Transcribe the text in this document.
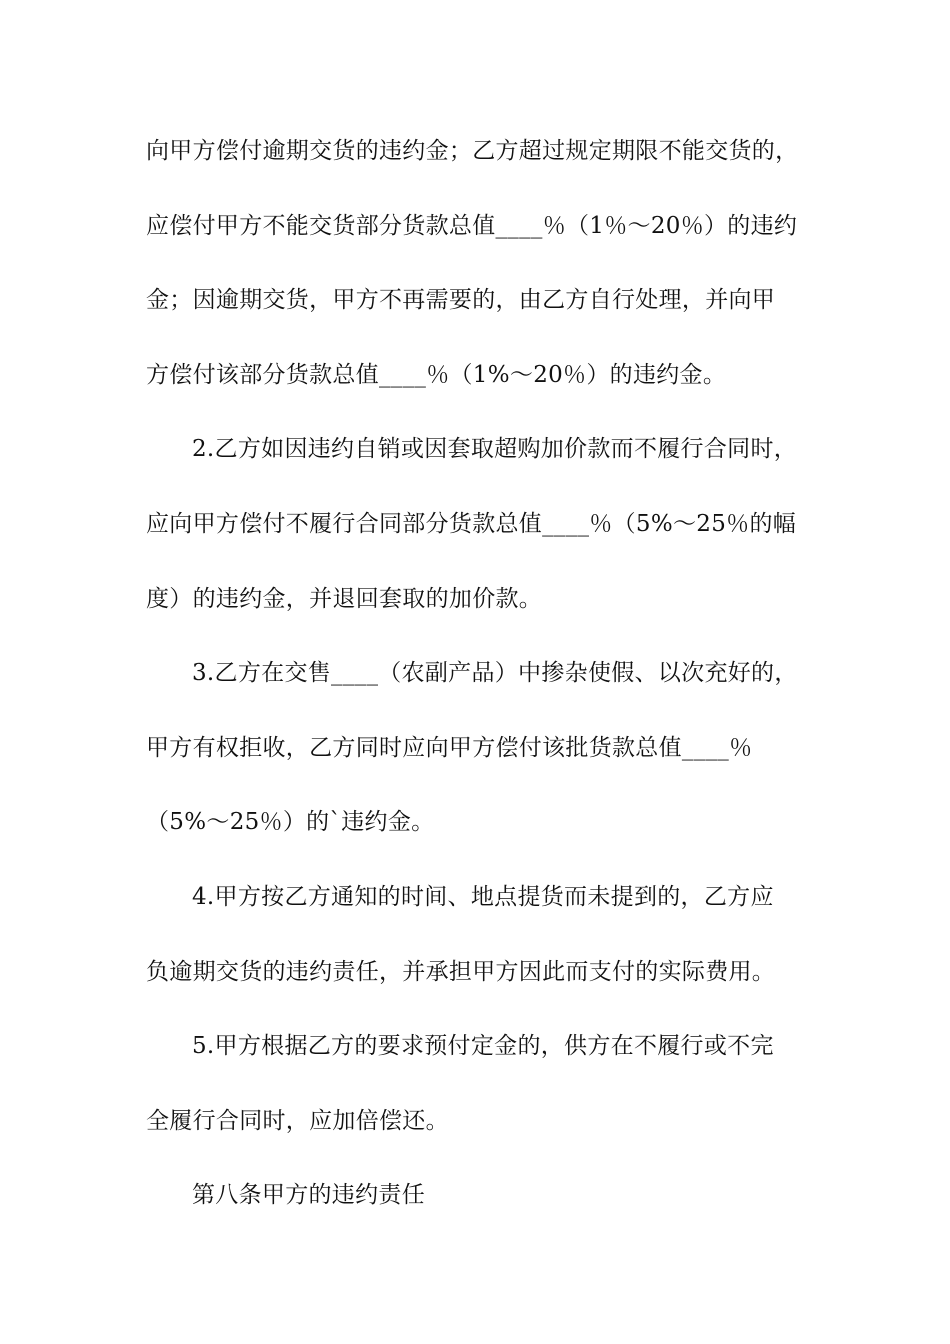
向甲方偿付逾期交货的违约金；乙方超过规定期限不能交货的，
应偿付甲方不能交货部分货款总值____％（1％～20％）的违约
金；因逾期交货，甲方不再需要的，由乙方自行处理，并向甲
方偿付该部分货款总值____％（1%～20％）的违约金。
2.乙方如因违约自销或因套取超购加价款而不履行合同时，
应向甲方偿付不履行合同部分货款总值____％（5%～25％的幅
度）的违约金，并退回套取的加价款。
3.乙方在交售____（农副产品）中掺杂使假、以次充好的，
甲方有权拒收，乙方同时应向甲方偿付该批货款总值____％
（5%～25％）的`违约金。
4.甲方按乙方通知的时间、地点提货而未提到的，乙方应
负逾期交货的违约责任，并承担甲方因此而支付的实际费用。
5.甲方根据乙方的要求预付定金的，供方在不履行或不完
全履行合同时，应加倍偿还。
第八条甲方的违约责任
